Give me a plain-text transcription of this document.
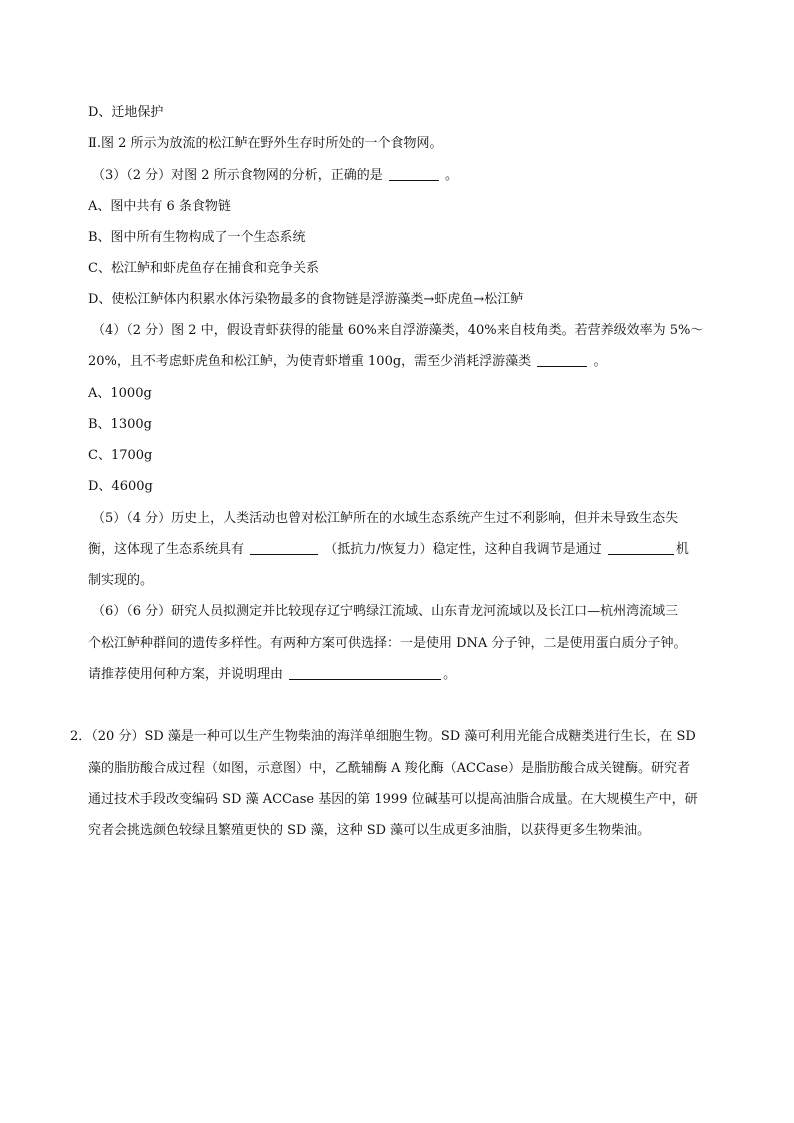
D、迁地保护
Ⅱ.图 2 所示为放流的松江鲈在野外生存时所处的一个食物网。
（3）（2 分）对图 2 所示食物网的分析，正确的是	。
A、图中共有 6 条食物链
B、图中所有生物构成了一个生态系统
C、松江鲈和虾虎鱼存在捕食和竞争关系
D、使松江鲈体内积累水体污染物最多的食物链是浮游藻类→虾虎鱼→松江鲈
（4）（2 分）图 2 中，假设青虾获得的能量 60%来自浮游藻类，40%来自枝角类。若营养级效率为 5%～
20%，且不考虑虾虎鱼和松江鲈，为使青虾增重 100g，需至少消耗浮游藻类	。
A、1000g
B、1300g
C、1700g
D、4600g
（5）（4 分）历史上，人类活动也曾对松江鲈所在的水域生态系统产生过不利影响，但并未导致生态失
衡，这体现了生态系统具有	（抵抗力/恢复力）稳定性，这种自我调节是通过	机
制实现的。
（6）（6 分）研究人员拟测定并比较现存辽宁鸭绿江流域、山东青龙河流域以及长江口—杭州湾流域三
个松江鲈种群间的遗传多样性。有两种方案可供选择：一是使用 DNA 分子钟，二是使用蛋白质分子钟。
请推荐使用何种方案，并说明理由	。
2．（20 分）SD 藻是一种可以生产生物柴油的海洋单细胞生物。SD 藻可利用光能合成糖类进行生长，在 SD
藻的脂肪酸合成过程（如图，示意图）中，乙酰辅酶 A 羧化酶（ACCase）是脂肪酸合成关键酶。研究者
通过技术手段改变编码 SD 藻 ACCase 基因的第 1999 位碱基可以提高油脂合成量。在大规模生产中，研
究者会挑选颜色较绿且繁殖更快的 SD 藻，这种 SD 藻可以生成更多油脂，以获得更多生物柴油。
